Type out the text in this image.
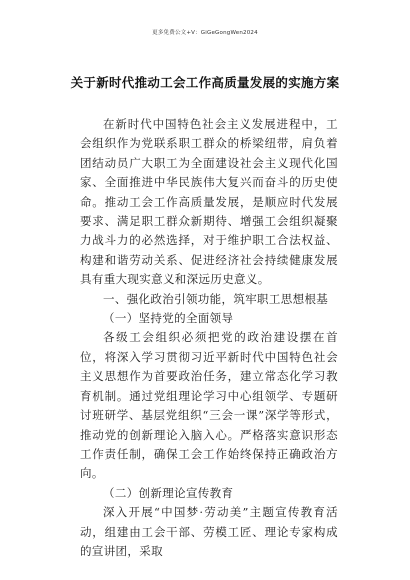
更多免费公文+V：GiGeGongWen2024
关于新时代推动工会工作高质量发展的实施方案

在新时代中国特色社会主义发展进程中，工会组织作为党联系职工群众的桥梁纽带，肩负着团结动员广大职工为全面建设社会主义现代化国家、全面推进中华民族伟大复兴而奋斗的历史使命。推动工会工作高质量发展，是顺应时代发展要求、满足职工群众新期待、增强工会组织凝聚力战斗力的必然选择，对于维护职工合法权益、构建和谐劳动关系、促进经济社会持续健康发展具有重大现实意义和深远历史意义。

一、强化政治引领功能，筑牢职工思想根基
（一）坚持党的全面领导

各级工会组织必须把党的政治建设摆在首位，将深入学习贯彻习近平新时代中国特色社会主义思想作为首要政治任务，建立常态化学习教育机制。通过党组理论学习中心组领学、专题研讨班研学、基层党组织“三会一课”深学等形式，推动党的创新理论入脑入心。严格落实意识形态工作责任制，确保工会工作始终保持正确政治方向。

（二）创新理论宣传教育

深入开展“中国梦·劳动美”主题宣传教育活动，组建由工会干部、劳模工匠、理论专家构成的宣讲团，采取
